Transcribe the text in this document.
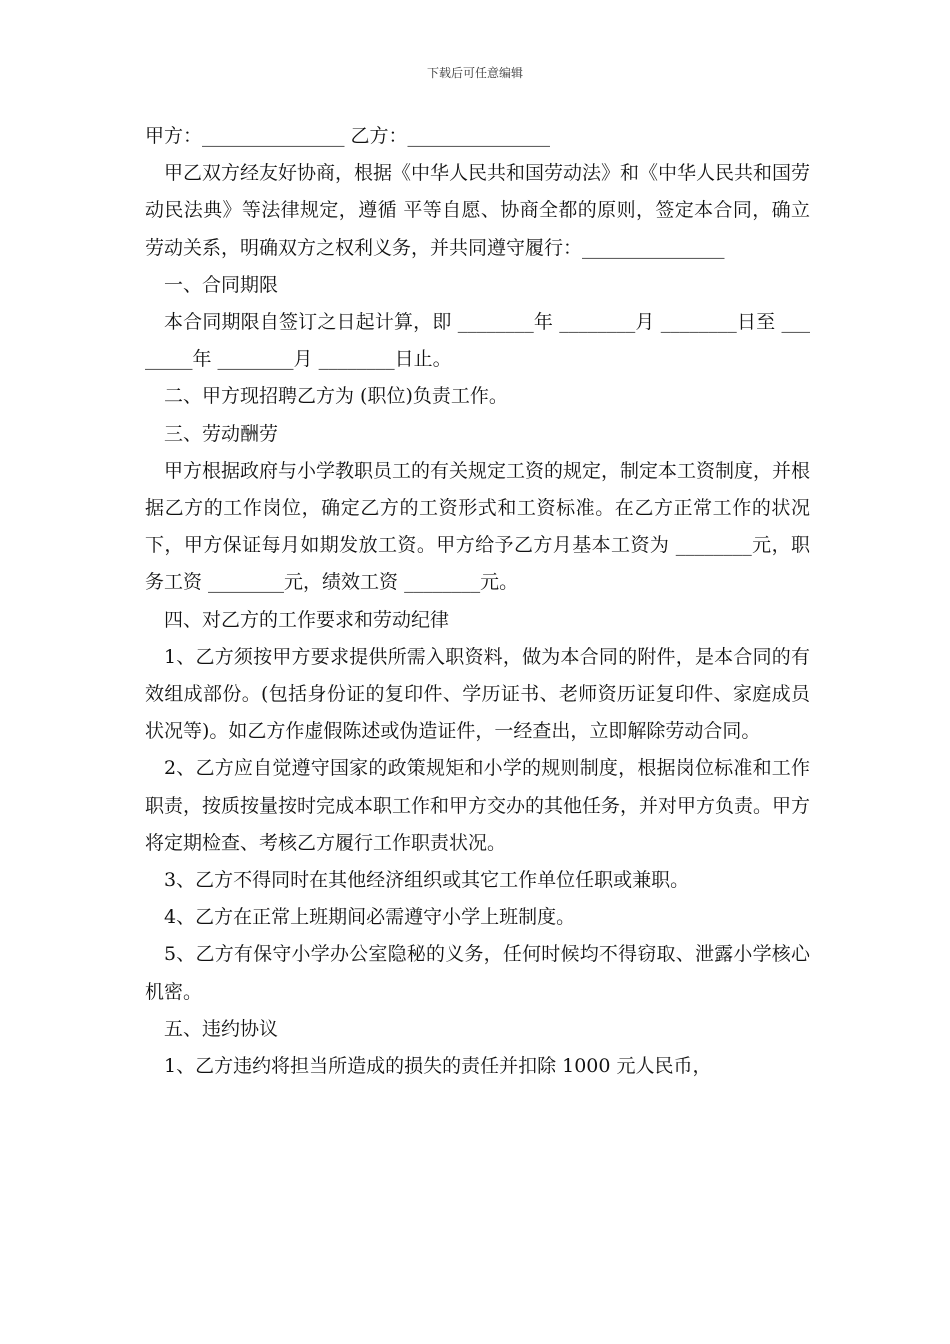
下载后可任意编辑

甲方：_______________ 乙方：_______________

甲乙双方经友好协商，根据《中华人民共和国劳动法》和《中华人民共和国劳动民法典》等法律规定，遵循 平等自愿、协商全都的原则，签定本合同，确立劳动关系，明确双方之权利义务，并共同遵守履行：_______________

一、合同期限

本合同期限自签订之日起计算，即 ________年 ________月 ________日至 ________年 ________月 ________日止。

二、甲方现招聘乙方为 (职位)负责工作。

三、劳动酬劳

甲方根据政府与小学教职员工的有关规定工资的规定，制定本工资制度，并根据乙方的工作岗位，确定乙方的工资形式和工资标准。在乙方正常工作的状况下，甲方保证每月如期发放工资。甲方给予乙方月基本工资为 ________元，职务工资 ________元，绩效工资 ________元。

四、对乙方的工作要求和劳动纪律

1、乙方须按甲方要求提供所需入职资料，做为本合同的附件，是本合同的有效组成部份。(包括身份证的复印件、学历证书、老师资历证复印件、家庭成员状况等)。如乙方作虚假陈述或伪造证件，一经查出，立即解除劳动合同。

2、乙方应自觉遵守国家的政策规矩和小学的规则制度，根据岗位标准和工作职责，按质按量按时完成本职工作和甲方交办的其他任务，并对甲方负责。甲方将定期检查、考核乙方履行工作职责状况。

3、乙方不得同时在其他经济组织或其它工作单位任职或兼职。

4、乙方在正常上班期间必需遵守小学上班制度。

5、乙方有保守小学办公室隐秘的义务，任何时候均不得窃取、泄露小学核心机密。

五、违约协议

1、乙方违约将担当所造成的损失的责任并扣除 1000 元人民币，
